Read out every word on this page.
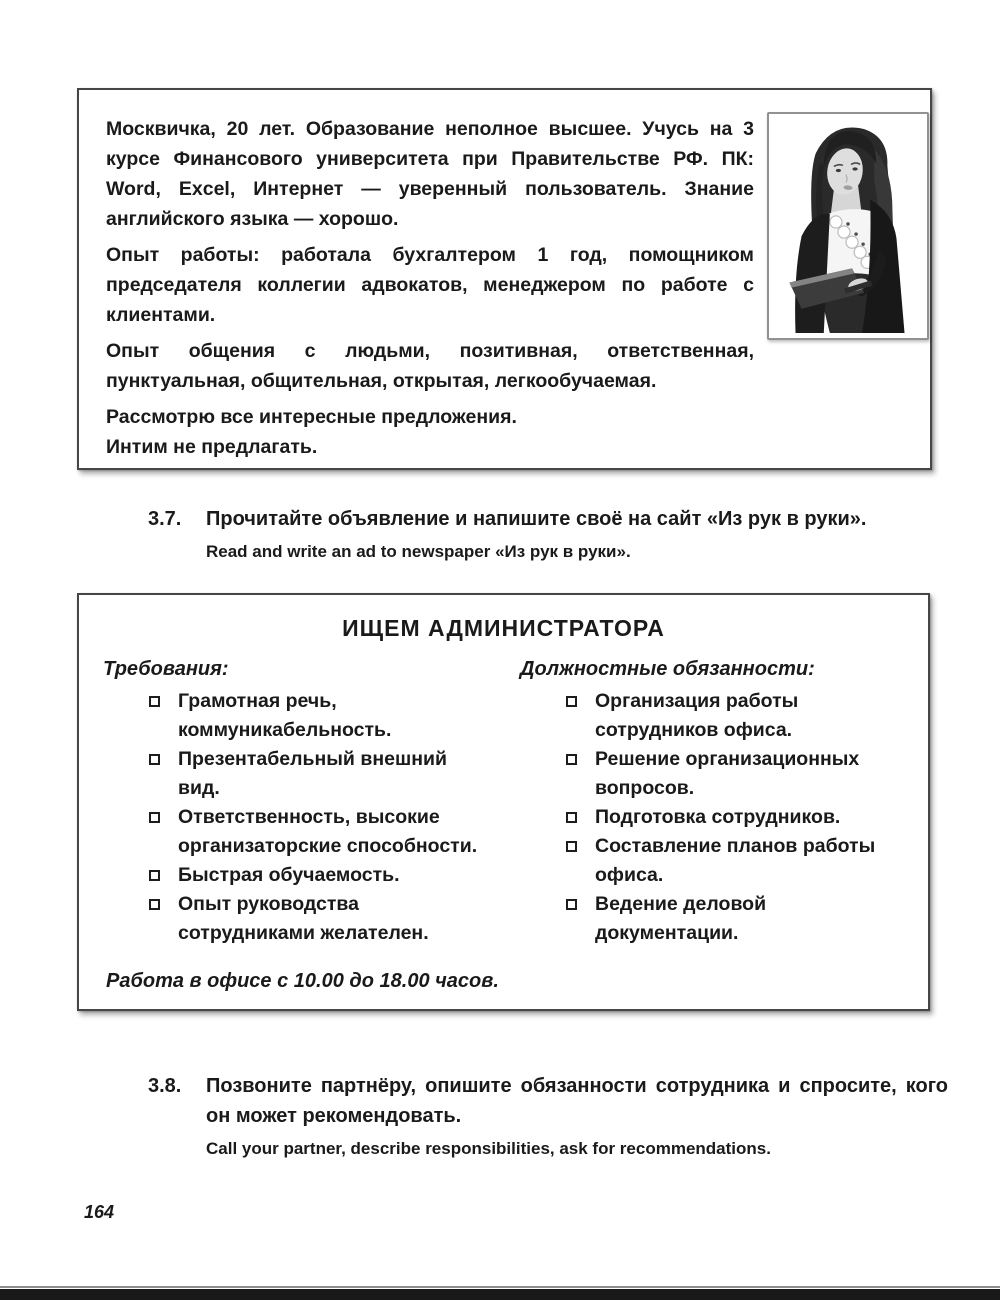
Москвичка, 20 лет. Образование неполное высшее. Учусь на 3 курсе Финансового университета при Правительстве РФ. ПК: Word, Excel, Интернет — уверенный пользователь. Знание английского языка — хорошо.

Опыт работы: работала бухгалтером 1 год, помощником председателя коллегии адвокатов, менеджером по работе с клиентами.

Опыт общения с людьми, позитивная, ответственная, пунктуальная, общительная, открытая, легкообучаемая.

Рассмотрю все интересные предложения.

Интим не предлагать.

3.7.	Прочитайте объявление и напишите своё на сайт «Из рук в руки».

Read and write an ad to newspaper «Из рук в руки».

ИЩЕМ АДМИНИСТРАТОРА

Требования:

Грамотная речь, коммуникабельность.
Презентабельный внешний вид.
Ответственность, высокие организаторские способности.
Быстрая обучаемость.
Опыт руководства сотрудниками желателен.

Должностные обязанности:

Организация работы сотрудников офиса.
Решение организационных вопросов.
Подготовка сотрудников.
Составление планов работы офиса.
Ведение деловой документации.
Работа в офисе с 10.00 до 18.00 часов.
3.8.	Позвоните партнёру, опишите обязанности сотрудника и спросите, кого он может рекомендовать.

Call your partner, describe responsibilities, ask for recommendations.

164
